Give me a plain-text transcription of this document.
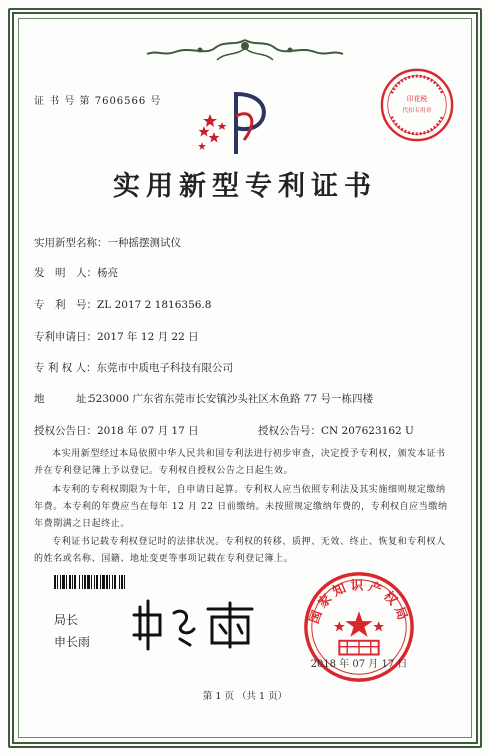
证 书 号 第 7606566 号	印花税
代扣专用章
实用新型专利证书
实用新型名称：一种摇摆测试仪
发　明　人：杨亮
专　利　号：ZL 2017 2 1816356.8
专利申请日：2017 年 12 月 22 日
专 利 权 人：东莞市中质电子科技有限公司
地　　　址：
523000 广东省东莞市长安镇沙头社区木鱼路 77 号一栋四楼
授权公告日：2018 年 07 月 17 日	授权公告号：CN 207623162 U
本实用新型经过本局依照中华人民共和国专利法进行初步审查，决定授予专利权，颁发本证书并在专利登记簿上予以登记。专利权自授权公告之日起生效。
本专利的专利权期限为十年，自申请日起算。专利权人应当依照专利法及其实施细则规定缴纳年费。本专利的年费应当在每年 12 月 22 日前缴纳。未按照规定缴纳年费的，专利权自应当缴纳年费期满之日起终止。
专利证书记载专利权登记时的法律状况。专利权的转移、质押、无效、终止、恢复和专利权人的姓名或名称、国籍、地址变更等事项记载在专利登记簿上。
局长
申长雨
国家知识产权局
2018 年 07 月 17 日
第 1 页 （共 1 页）
